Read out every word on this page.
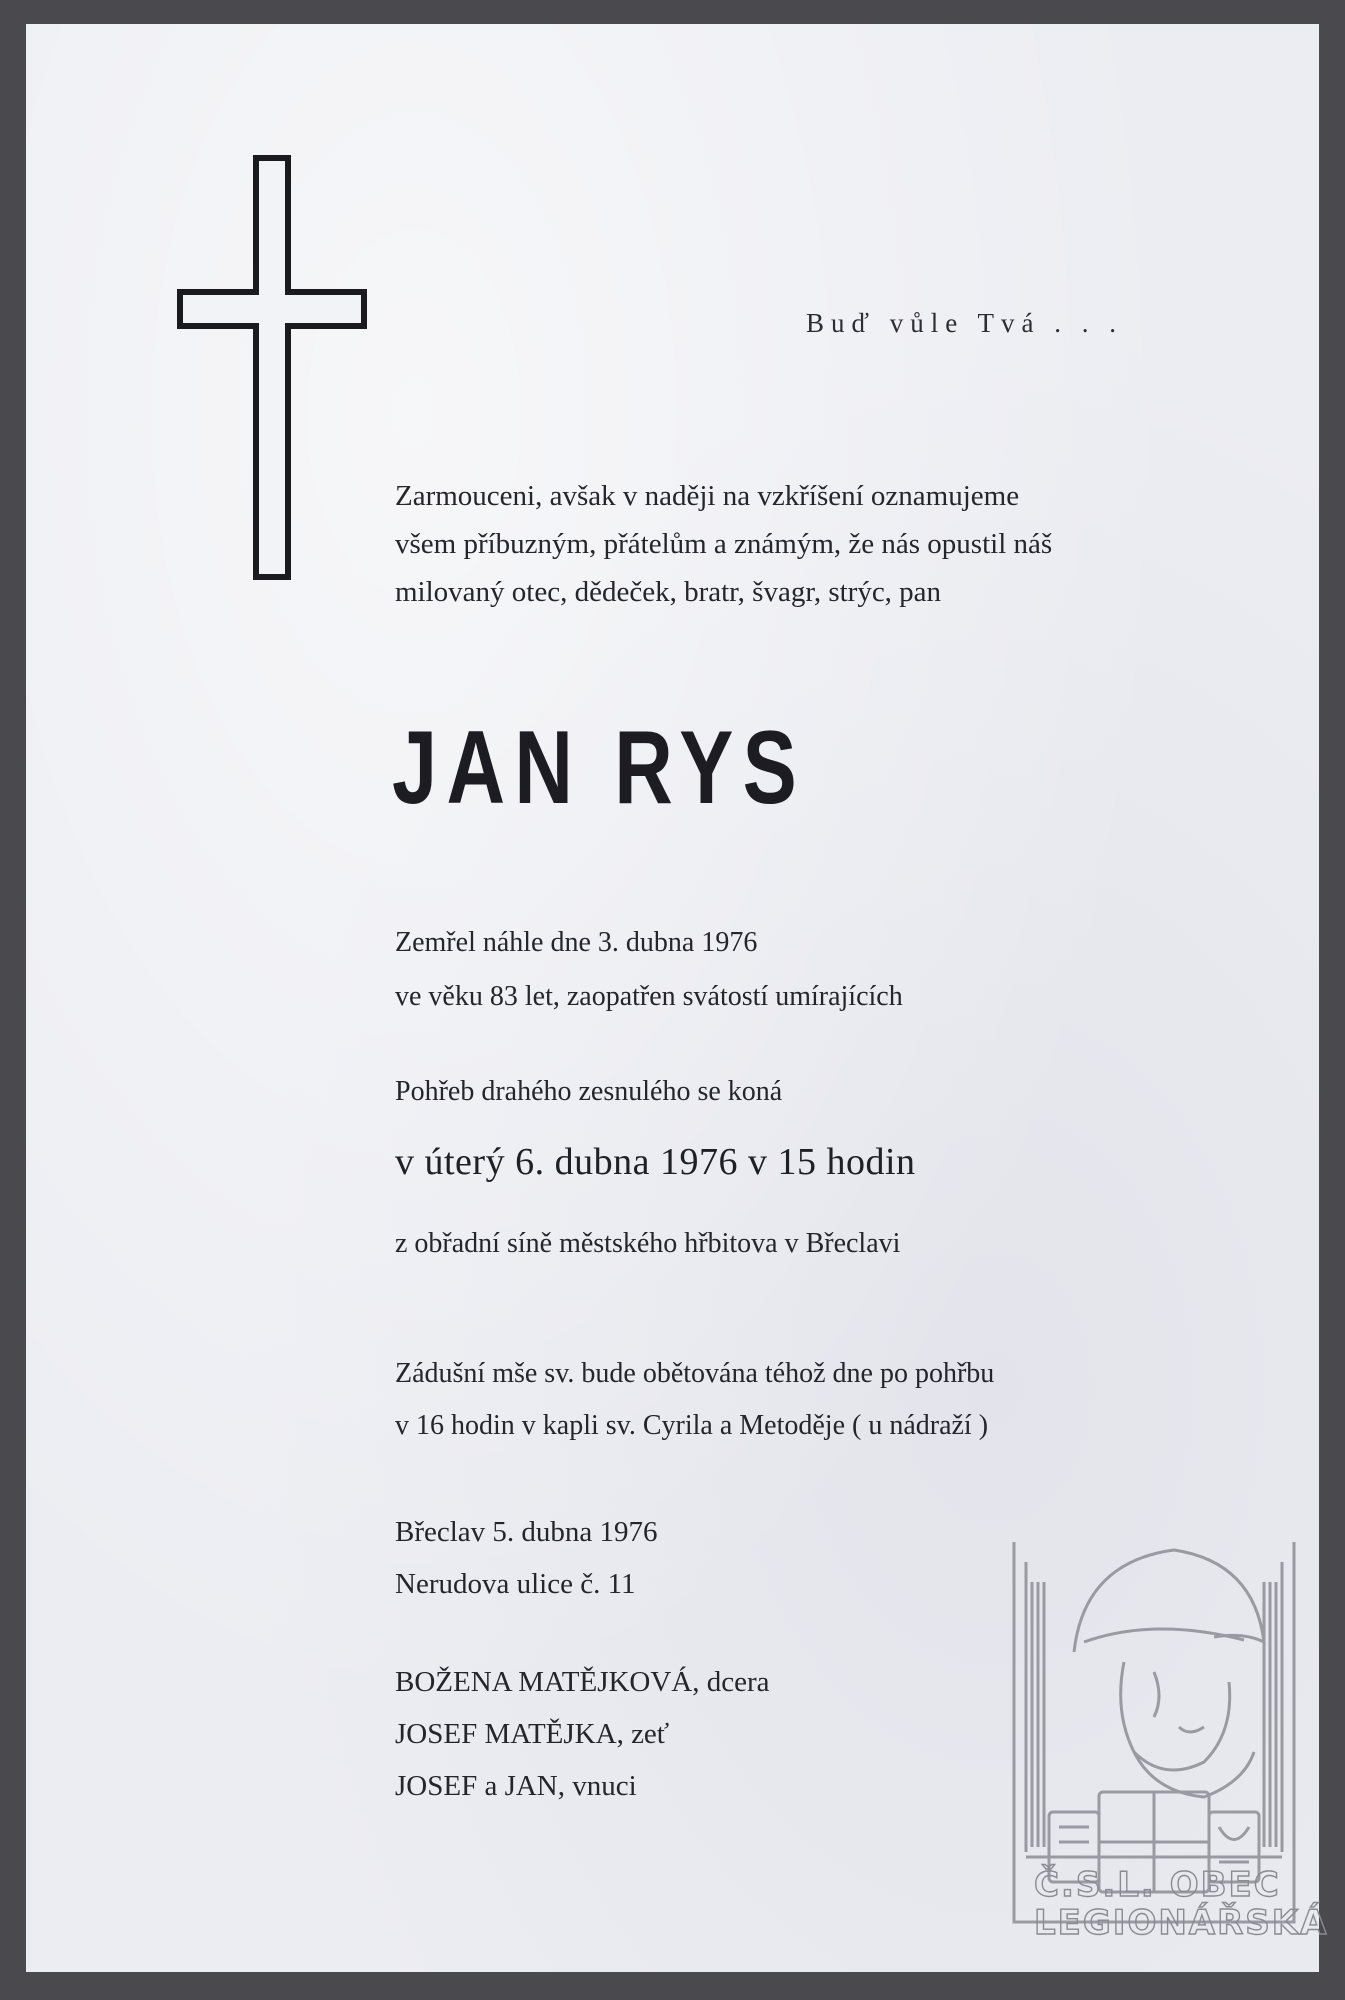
Buď vůle Tvá . . .
Zarmouceni, avšak v naději na vzkříšení oznamujeme
všem příbuzným, přátelům a známým, že nás opustil náš
milovaný otec, dědeček, bratr, švagr, strýc, pan
JAN RYS
Zemřel náhle dne 3. dubna 1976
ve věku 83 let, zaopatřen svátostí umírajících
Pohřeb drahého zesnulého se koná
v úterý 6. dubna 1976 v 15 hodin
z obřadní síně městského hřbitova v Břeclavi
Zádušní mše sv. bude obětována téhož dne po pohřbu
v 16 hodin v kapli sv. Cyrila a Metoděje ( u nádraží )
Břeclav 5. dubna 1976
Nerudova ulice č. 11
BOŽENA MATĚJKOVÁ, dcera
JOSEF MATĚJKA, zeť
JOSEF a JAN, vnuci
Č.S.L. OBEC
LEGIONÁŘSKÁ
